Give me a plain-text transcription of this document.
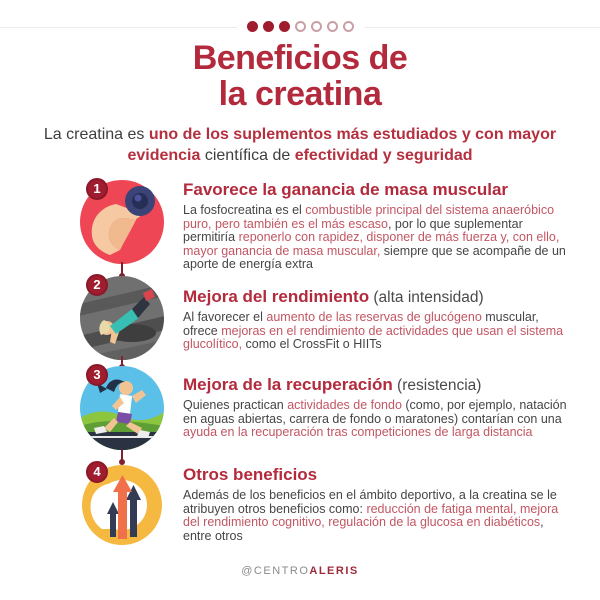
Beneficios de
la creatina
La creatina es uno de los suplementos más estudiados y con mayor evidencia científica de efectividad y seguridad
1	Favorece la ganancia de masa muscular

La fosfocreatina es el combustible principal del sistema anaeróbico puro, pero también es el más escaso, por lo que suplementar permitiría reponerlo con rapidez, disponer de más fuerza y, con ello, mayor ganancia de masa muscular, siempre que se acompañe de un aporte de energía extra

2
Mejora del rendimiento (alta intensidad)

Al favorecer el aumento de las reservas de glucógeno muscular, ofrece mejoras en el rendimiento de actividades que usan el sistema glucolítico, como el CrossFit o HIITs

3
Mejora de la recuperación (resistencia)

Quienes practican actividades de fondo (como, por ejemplo, natación en aguas abiertas, carrera de fondo o maratones) contarían con una ayuda en la recuperación tras competiciones de larga distancia

4	Otros beneficios

Además de los beneficios en el ámbito deportivo, a la creatina se le atribuyen otros beneficios como: reducción de fatiga mental, mejora del rendimiento cognitivo, regulación de la glucosa en diabéticos, entre otros

@CENTROALERIS
